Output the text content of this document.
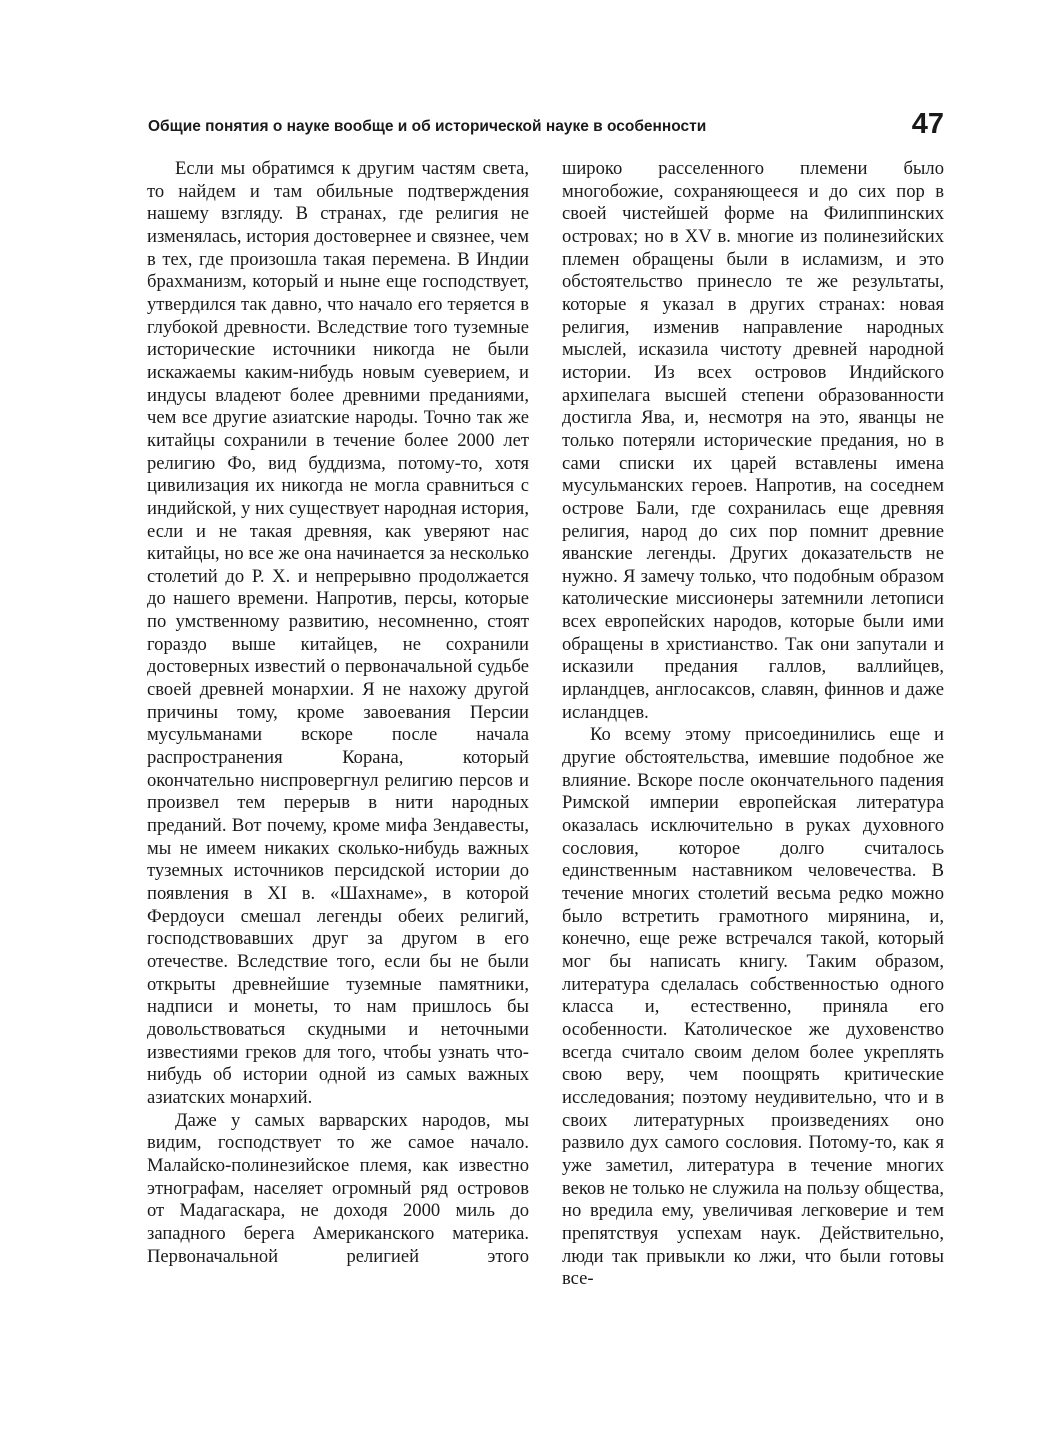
Общие понятия о науке вообще и об исторической науке в особенности	47

Если мы обратимся к другим частям света, то найдем и там обильные подтверждения нашему взгляду. В странах, где религия не изменялась, история достовернее и связнее, чем в тех, где произошла такая перемена. В Индии брахманизм, который и ныне еще господствует, утвердился так давно, что начало его теряется в глубокой древности. Вследствие того туземные исторические источники никогда не были искажаемы каким-нибудь новым суеверием, и индусы владеют более древними преданиями, чем все другие азиатские народы. Точно так же китайцы сохранили в течение более 2000 лет религию Фо, вид буддизма, потому-то, хотя цивилизация их никогда не могла сравниться с индийской, у них существует народная история, если и не такая древняя, как уверяют нас китайцы, но все же она начинается за несколько столетий до Р. Х. и непрерывно продолжается до нашего времени. Напротив, персы, которые по умственному развитию, несомненно, стоят гораздо выше китайцев, не сохранили достоверных известий о первоначальной судьбе своей древней монархии. Я не нахожу другой причины тому, кроме завоевания Персии мусульманами вскоре после начала распространения Корана, который окончательно ниспровергнул религию персов и произвел тем перерыв в нити народных преданий. Вот почему, кроме мифа Зендавесты, мы не имеем никаких сколько-нибудь важных туземных источников персидской истории до появления в XI в. «Шахнаме», в которой Фердоуси смешал легенды обеих религий, господствовавших друг за другом в его отечестве. Вследствие того, если бы не были открыты древнейшие туземные памятники, надписи и монеты, то нам пришлось бы довольствоваться скудными и неточными известиями греков для того, чтобы узнать что-нибудь об истории одной из самых важных азиатских монархий.

Даже у самых варварских народов, мы видим, господствует то же самое начало. Малайско-полинезийское племя, как известно этнографам, населяет огромный ряд островов от Мадагаскара, не доходя 2000 миль до западного берега Американского материка. Первоначальной религией этого

широко расселенного племени было многобожие, сохраняющееся и до сих пор в своей чистейшей форме на Филиппинских островах; но в XV в. многие из полинезийских племен обращены были в исламизм, и это обстоятельство принесло те же результаты, которые я указал в других странах: новая религия, изменив направление народных мыслей, исказила чистоту древней народной истории. Из всех островов Индийского архипелага высшей степени образованности достигла Ява, и, несмотря на это, яванцы не только потеряли исторические предания, но в сами списки их царей вставлены имена мусульманских героев. Напротив, на соседнем острове Бали, где сохранилась еще древняя религия, народ до сих пор помнит древние яванские легенды. Других доказательств не нужно. Я замечу только, что подобным образом католические миссионеры затемнили летописи всех европейских народов, которые были ими обращены в христианство. Так они запутали и исказили предания галлов, валлийцев, ирландцев, англосаксов, славян, финнов и даже исландцев.

Ко всему этому присоединились еще и другие обстоятельства, имевшие подобное же влияние. Вскоре после окончательного падения Римской империи европейская литература оказалась исключительно в руках духовного сословия, которое долго считалось единственным наставником человечества. В течение многих столетий весьма редко можно было встретить грамотного мирянина, и, конечно, еще реже встречался такой, который мог бы написать книгу. Таким образом, литература сделалась собственностью одного класса и, естественно, приняла его особенности. Католическое же духовенство всегда считало своим делом более укреплять свою веру, чем поощрять критические исследования; поэтому неудивительно, что и в своих литературных произведениях оно развило дух самого сословия. Потому-то, как я уже заметил, литература в течение многих веков не только не служила на пользу общества, но вредила ему, увеличивая легковерие и тем препятствуя успехам наук. Действительно, люди так привыкли ко лжи, что были готовы все-
